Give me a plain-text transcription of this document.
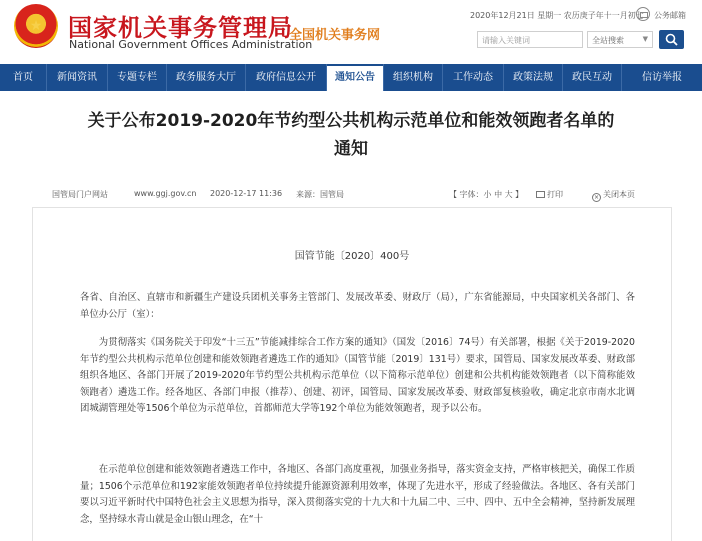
★ 国家机关事务管理局
National Government Offices Administration
全国机关事务网
2020年12月21日 星期一 农历庚子年十一月初七 公务邮箱
请输入关键词	全站搜索	▼
首页	新闻资讯	专题专栏	政务服务大厅	政府信息公开	通知公告	组织机构	工作动态	政策法规	政民互动	信访举报
关于公布2019-2020年节约型公共机构示范单位和能效领跑者名单的
通知
国管局门户网站	www.ggj.gov.cn 2020-12-17 11:36 来源：国管局	【 字体：小 中 大 】	打印	× 关闭本页
国管节能〔2020〕400号
各省、自治区、直辖市和新疆生产建设兵团机关事务主管部门、发展改革委、财政厅（局），广东省能源局，中央国家机关各部门、各单位办公厅（室）：
为贯彻落实《国务院关于印发“十三五”节能减排综合工作方案的通知》（国发〔2016〕74号）有关部署，根据《关于2019-2020年节约型公共机构示范单位创建和能效领跑者遴选工作的通知》（国管节能〔2019〕131号）要求，国管局、国家发展改革委、财政部组织各地区、各部门开展了2019-2020年节约型公共机构示范单位（以下简称示范单位）创建和公共机构能效领跑者（以下简称能效领跑者）遴选工作。经各地区、各部门申报（推荐）、创建、初评，国管局、国家发展改革委、财政部复核验收，确定北京市南水北调团城湖管理处等1506个单位为示范单位，首都师范大学等192个单位为能效领跑者，现予以公布。
在示范单位创建和能效领跑者遴选工作中，各地区、各部门高度重视，加强业务指导，落实资金支持，严格审核把关，确保工作质量；1506个示范单位和192家能效领跑者单位持续提升能源资源利用效率，体现了先进水平，形成了经验做法。各地区、各有关部门要以习近平新时代中国特色社会主义思想为指导，深入贯彻落实党的十九大和十九届二中、三中、四中、五中全会精神，坚持新发展理念，坚持绿水青山就是金山银山理念，在“十
